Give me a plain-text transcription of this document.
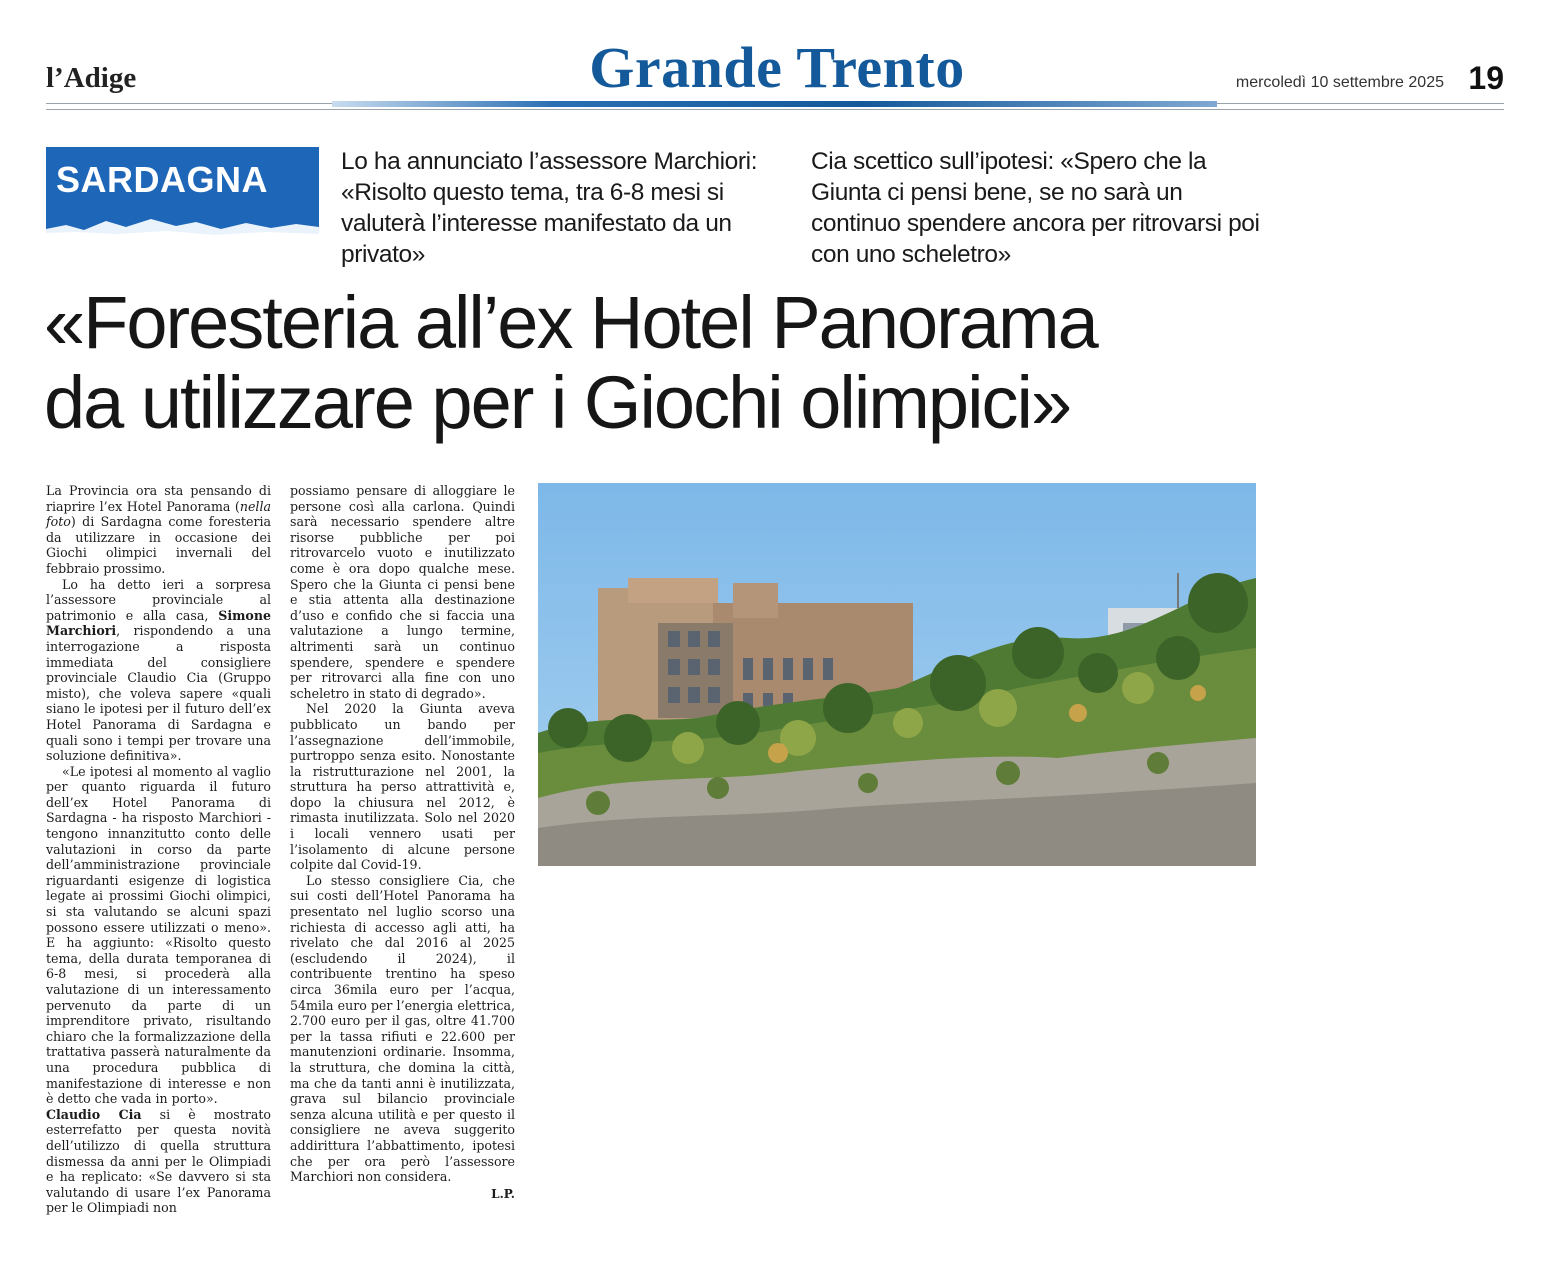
l’Adige	Grande Trento	mercoledì 10 settembre 2025 19
SARDAGNA	Lo ha annunciato l’assessore Marchiori: «Risolto questo tema, tra 6-8 mesi si valuterà l’interesse manifestato da un privato»
Cia scettico sull’ipotesi: «Spero che la Giunta ci pensi bene, se no sarà un continuo spendere ancora per ritrovarsi poi con uno scheletro»
«Foresteria all’ex Hotel Panorama
da utilizzare per i Giochi olimpici»

La Provincia ora sta pensando di riaprire l’ex Hotel Panorama (nella foto) di Sardagna come foresteria da utilizzare in occasione dei Giochi olimpici invernali del febbraio prossimo.

Lo ha detto ieri a sorpresa l’assessore provinciale al patrimonio e alla casa, Simone Marchiori, rispondendo a una interrogazione a risposta immediata del consigliere provinciale Claudio Cia (Gruppo misto), che voleva sapere «quali siano le ipotesi per il futuro dell’ex Hotel Panorama di Sardagna e quali sono i tempi per trovare una soluzione definitiva».

«Le ipotesi al momento al vaglio per quanto riguarda il futuro dell’ex Hotel Panorama di Sardagna - ha risposto Marchiori - tengono innanzitutto conto delle valutazioni in corso da parte dell’amministrazione provinciale riguardanti esigenze di logistica legate ai prossimi Giochi olimpici, si sta valutando se alcuni spazi possono essere utilizzati o meno». E ha aggiunto: «Risolto questo tema, della durata temporanea di 6-8 mesi, si procederà alla valutazione di un interessamento pervenuto da parte di un imprenditore privato, risultando chiaro che la formalizzazione della trattativa passerà naturalmente da una procedura pubblica di manifestazione di interesse e non è detto che vada in porto».

Claudio Cia si è mostrato esterrefatto per questa novità dell’utilizzo di quella struttura dismessa da anni per le Olimpiadi e ha replicato: «Se davvero si sta valutando di usare l’ex Panorama per le Olimpiadi non

possiamo pensare di alloggiare le persone così alla carlona. Quindi sarà necessario spendere altre risorse pubbliche per poi ritrovarcelo vuoto e inutilizzato come è ora dopo qualche mese. Spero che la Giunta ci pensi bene e stia attenta alla destinazione d’uso e confido che si faccia una valutazione a lungo termine, altrimenti sarà un continuo spendere, spendere e spendere per ritrovarci alla fine con uno scheletro in stato di degrado».

Nel 2020 la Giunta aveva pubblicato un bando per l’assegnazione dell’immobile, purtroppo senza esito. Nonostante la ristrutturazione nel 2001, la struttura ha perso attrattività e, dopo la chiusura nel 2012, è rimasta inutilizzata. Solo nel 2020 i locali vennero usati per l’isolamento di alcune persone colpite dal Covid-19.

Lo stesso consigliere Cia, che sui costi dell’Hotel Panorama ha presentato nel luglio scorso una richiesta di accesso agli atti, ha rivelato che dal 2016 al 2025 (escludendo il 2024), il contribuente trentino ha speso circa 36mila euro per l’acqua, 54mila euro per l’energia elettrica, 2.700 euro per il gas, oltre 41.700 per la tassa rifiuti e 22.600 per manutenzioni ordinarie. Insomma, la struttura, che domina la città, ma che da tanti anni è inutilizzata, grava sul bilancio provinciale senza alcuna utilità e per questo il consigliere ne aveva suggerito addirittura l’abbattimento, ipotesi che per ora però l’assessore Marchiori non considera.

L.P.
